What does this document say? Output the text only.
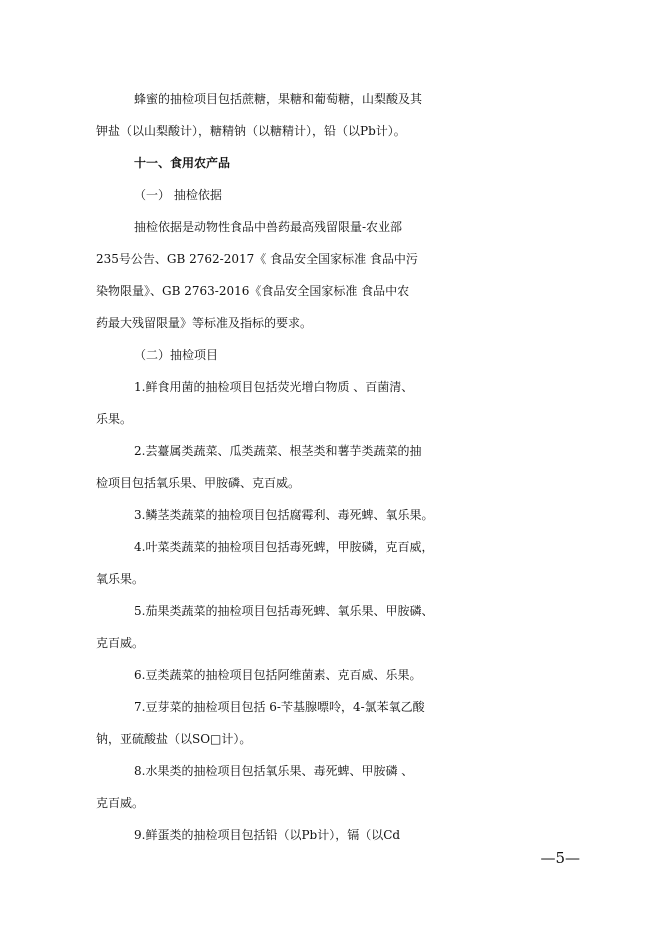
蜂蜜的抽检项目包括蔗糖，果糖和葡萄糖，山梨酸及其
钾盐（以山梨酸计），糖精钠（以糖精计），铅（以Pb计）。
十一、食用农产品
（一） 抽检依据
抽检依据是动物性食品中兽药最高残留限量-农业部
235号公告、GB 2762-2017《 食品安全国家标准 食品中污
染物限量》、GB 2763-2016《食品安全国家标准 食品中农
药最大残留限量》等标准及指标的要求。
（二）抽检项目
1.鲜食用菌的抽检项目包括荧光增白物质 、百菌清、
乐果。
2.芸薹属类蔬菜、瓜类蔬菜、根茎类和薯芋类蔬菜的抽
检项目包括氧乐果、甲胺磷、克百威。
3.鳞茎类蔬菜的抽检项目包括腐霉利、毒死蜱、氧乐果。
4.叶菜类蔬菜的抽检项目包括毒死蜱，甲胺磷，克百威，
氧乐果。
5.茄果类蔬菜的抽检项目包括毒死蜱、氧乐果、甲胺磷、
克百威。
6.豆类蔬菜的抽检项目包括阿维菌素、克百威、乐果。
7.豆芽菜的抽检项目包括 6-苄基腺嘌呤，4-氯苯氧乙酸
钠，亚硫酸盐（以SO□计）。
8.水果类的抽检项目包括氧乐果、毒死蜱、甲胺磷 、
克百威。
9.鲜蛋类的抽检项目包括铅（以Pb计），镉（以Cd
—5—
